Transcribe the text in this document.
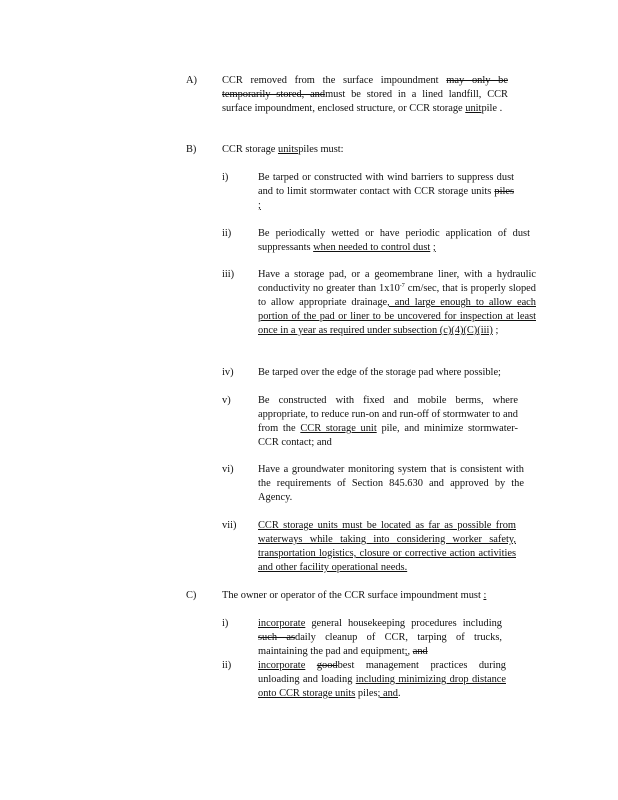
A) CCR removed from the surface impoundment may only be temporarily stored, andmust be stored in a lined landfill, CCR surface impoundment, enclosed structure, or CCR storage unitpile .
B) CCR storage unitspiles must:
i)	Be tarped or constructed with wind barriers to suppress dust and to limit stormwater contact with CCR storage units piles ;
ii)	Be periodically wetted or have periodic application of dust suppressants when needed to control dust ;
iii) Have a storage pad, or a geomembrane liner, with a hydraulic conductivity no greater than $1x10^{-7}$ cm/sec, that is properly sloped to allow appropriate drainage, and large enough to allow each portion of the pad or liner to be uncovered for inspection at least once in a year as required under subsection (c)(4)(C)(iii) ;
iv) Be tarped over the edge of the storage pad where possible;
v)	Be constructed with fixed and mobile berms, where appropriate, to reduce run-on and run-off of stormwater to and from the CCR storage unit pile, and minimize stormwater-CCR contact; and
vi) Have a groundwater monitoring system that is consistent with the requirements of Section 845.630 and approved by the Agency.
vii) CCR storage units must be located as far as possible from waterways while taking into considering worker safety, transportation logistics, closure or corrective action activities and other facility operational needs.
C) The owner or operator of the CCR surface impoundment must :
i)	incorporate general housekeeping procedures including such asdaily cleanup of CCR, tarping of trucks, maintaining the pad and equipment;, and
ii)	incorporate goodbest management practices during unloading and loading including minimizing drop distance onto CCR storage units piles; and.
